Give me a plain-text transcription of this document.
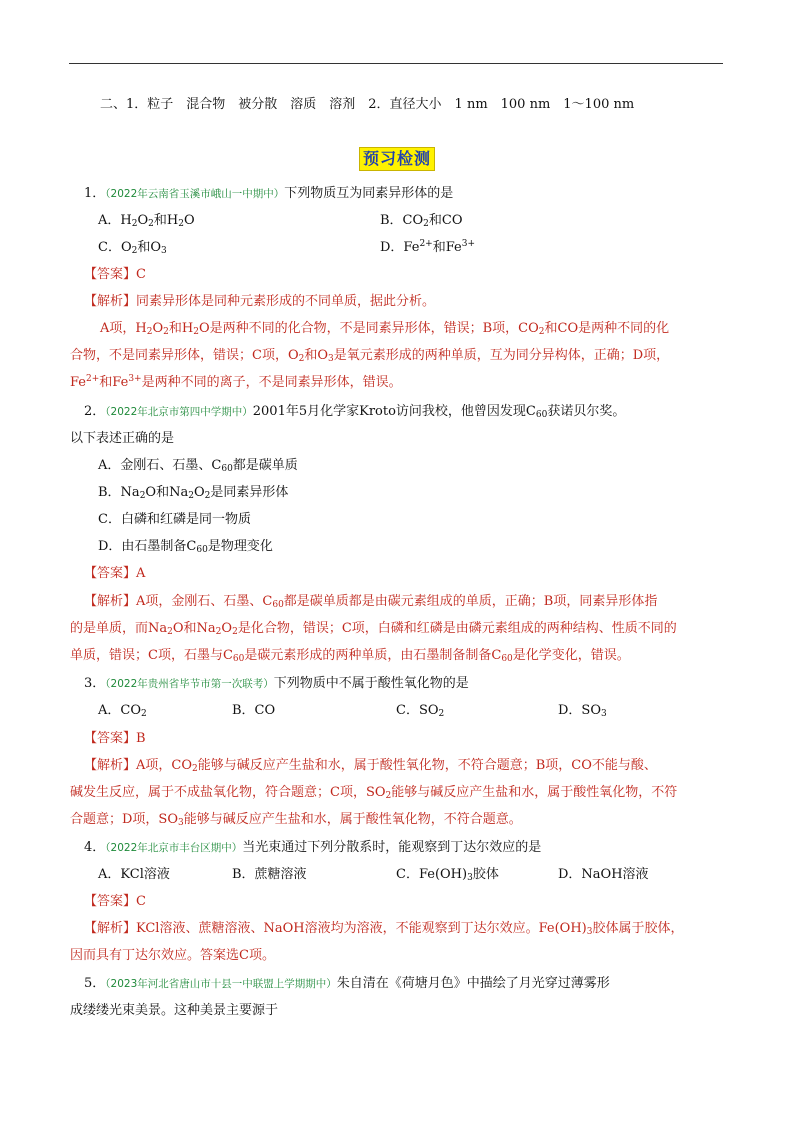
二、1．粒子　混合物　被分散　溶质　溶剂　2．直径大小　1 nm　100 nm　1～100 nm
预习检测
1．（2022年云南省玉溪市峨山一中期中）下列物质互为同素异形体的是
A．$H_2O_2$和$H_2O$	B．$CO_2$和CO
C．$O_2$和$O_3$	D．$Fe^{2+}$和$Fe^{3+}$
【答案】C
【解析】同素异形体是同种元素形成的不同单质，据此分析。
A项，$H_2O_2$和$H_2O$是两种不同的化合物，不是同素异形体，错误；B项，$CO_2$和CO是两种不同的化
合物，不是同素异形体，错误；C项，$O_2$和$O_3$是氧元素形成的两种单质，互为同分异构体，正确；D项，
$Fe^{2+}$和$Fe^{3+}$是两种不同的离子，不是同素异形体，错误。
2．（2022年北京市第四中学期中）2001年5月化学家Kroto访问我校，他曾因发现$C_{60}$获诺贝尔奖。
以下表述正确的是
A．金刚石、石墨、$C_{60}$都是碳单质
B．$Na_2O$和$Na_2O_2$是同素异形体
C．白磷和红磷是同一物质
D．由石墨制备$C_{60}$是物理变化
【答案】A
【解析】A项，金刚石、石墨、$C_{60}$都是碳单质都是由碳元素组成的单质，正确；B项，同素异形体指
的是单质，而$Na_2O$和$Na_2O_2$是化合物，错误；C项，白磷和红磷是由磷元素组成的两种结构、性质不同的
单质，错误；C项，石墨与$C_{60}$是碳元素形成的两种单质，由石墨制备制备$C_{60}$是化学变化，错误。
3．（2022年贵州省毕节市第一次联考）下列物质中不属于酸性氧化物的是
A．$CO_2$	B．CO	C．$SO_2$	D．$SO_3$
【答案】B
【解析】A项，$CO_2$能够与碱反应产生盐和水，属于酸性氧化物，不符合题意；B项，CO不能与酸、
碱发生反应，属于不成盐氧化物，符合题意；C项，$SO_2$能够与碱反应产生盐和水，属于酸性氧化物，不符
合题意；D项，$SO_3$能够与碱反应产生盐和水，属于酸性氧化物，不符合题意。
4．（2022年北京市丰台区期中）当光束通过下列分散系时，能观察到丁达尔效应的是
A．KCl溶液	B．蔗糖溶液	C．$Fe(OH)_3$胶体	D．NaOH溶液
【答案】C
【解析】KCl溶液、蔗糖溶液、NaOH溶液均为溶液，不能观察到丁达尔效应。$Fe(OH)_3$胶体属于胶体，
因而具有丁达尔效应。答案选C项。
5．（2023年河北省唐山市十县一中联盟上学期期中）朱自清在《荷塘月色》中描绘了月光穿过薄雾形
成缕缕光束美景。这种美景主要源于
